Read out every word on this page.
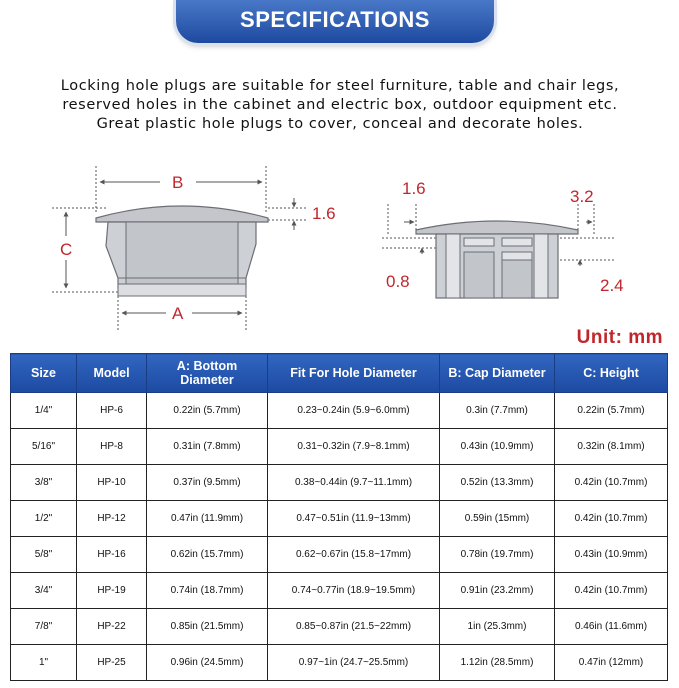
SPECIFICATIONS
Locking hole plugs are suitable for steel furniture, table and chair legs,
reserved holes in the cabinet and electric box, outdoor equipment etc.
Great plastic hole plugs to cover, conceal and decorate holes.
B
A
C
1.6
1.6	3.2
0.8	2.4
Unit: mm
Size	Model	A: Bottom Diameter	Fit For Hole Diameter	B: Cap Diameter	C: Height
1/4"	HP-6	0.22in (5.7mm)	0.23~0.24in (5.9~6.0mm)	0.3in (7.7mm)	0.22in (5.7mm)
5/16"	HP-8	0.31in (7.8mm)	0.31~0.32in (7.9~8.1mm)	0.43in (10.9mm)	0.32in (8.1mm)
3/8"	HP-10	0.37in (9.5mm)	0.38~0.44in (9.7~11.1mm)	0.52in (13.3mm)	0.42in (10.7mm)
1/2"	HP-12	0.47in (11.9mm)	0.47~0.51in (11.9~13mm)	0.59in (15mm)	0.42in (10.7mm)
5/8"	HP-16	0.62in (15.7mm)	0.62~0.67in (15.8~17mm)	0.78in (19.7mm)	0.43in (10.9mm)
3/4"	HP-19	0.74in (18.7mm)	0.74~0.77in (18.9~19.5mm)	0.91in (23.2mm)	0.42in (10.7mm)
7/8"	HP-22	0.85in (21.5mm)	0.85~0.87in (21.5~22mm)	1in (25.3mm)	0.46in (11.6mm)
1"	HP-25	0.96in (24.5mm)	0.97~1in (24.7~25.5mm)	1.12in (28.5mm)	0.47in (12mm)
